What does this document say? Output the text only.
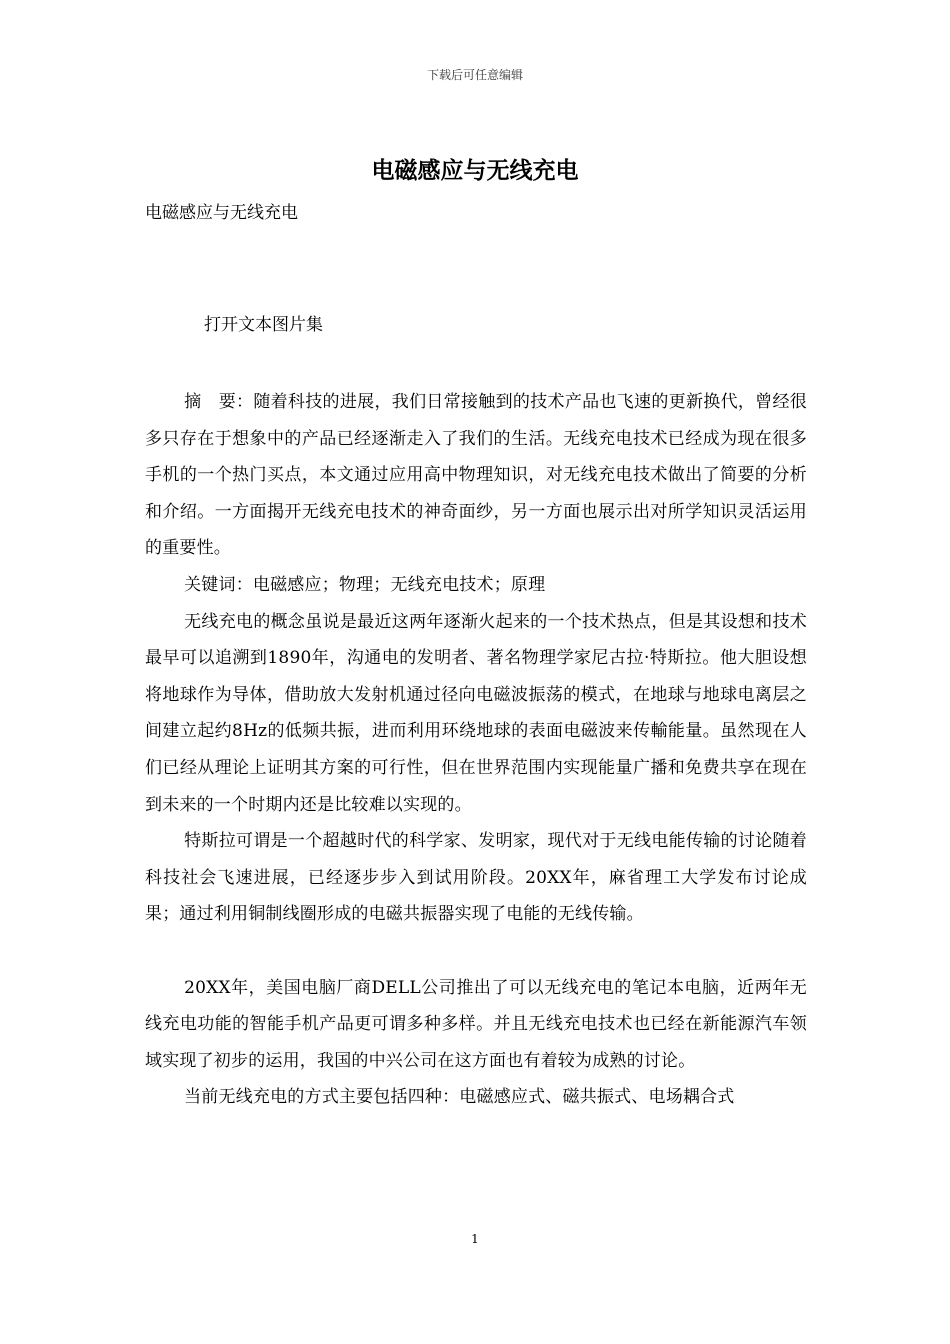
下载后可任意编辑
电磁感应与无线充电

电磁感应与无线充电

打开文本图片集

摘　要：随着科技的进展，我们日常接触到的技术产品也飞速的更新换代，曾经很多只存在于想象中的产品已经逐渐走入了我们的生活。无线充电技术已经成为现在很多手机的一个热门买点，本文通过应用高中物理知识，对无线充电技术做出了简要的分析和介绍。一方面揭开无线充电技术的神奇面纱，另一方面也展示出对所学知识灵活运用的重要性。

关键词：电磁感应；物理；无线充电技术；原理

无线充电的概念虽说是最近这两年逐渐火起来的一个技术热点，但是其设想和技术最早可以追溯到1890年，沟通电的发明者、著名物理学家尼古拉·特斯拉。他大胆设想将地球作为导体，借助放大发射机通过径向电磁波振荡的模式，在地球与地球电离层之间建立起约8Hz的低频共振，进而利用环绕地球的表面电磁波来传輸能量。虽然现在人们已经从理论上证明其方案的可行性，但在世界范围内实现能量广播和免费共享在现在到未来的一个时期内还是比较难以实现的。

特斯拉可谓是一个超越时代的科学家、发明家，现代对于无线电能传输的讨论随着科技社会飞速进展，已经逐步步入到试用阶段。20XX年，麻省理工大学发布讨论成果；通过利用铜制线圈形成的电磁共振器实现了电能的无线传输。

20XX年，美国电脑厂商DELL公司推出了可以无线充电的笔记本电脑，近两年无线充电功能的智能手机产品更可谓多种多样。并且无线充电技术也已经在新能源汽车领域实现了初步的运用，我国的中兴公司在这方面也有着较为成熟的讨论。

当前无线充电的方式主要包括四种：电磁感应式、磁共振式、电场耦合式

1
